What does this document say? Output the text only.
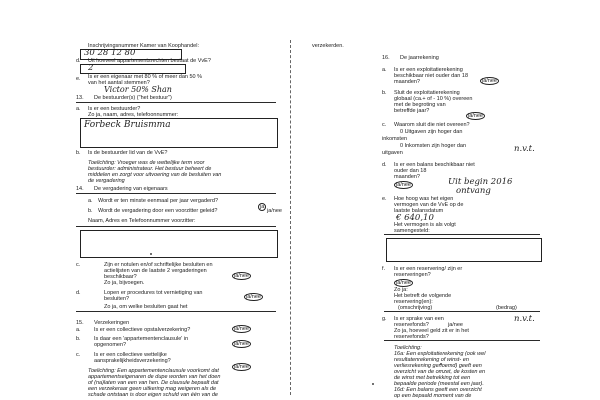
Inschrijvingsnummer Kamer van Koophandel:
30 28 12 80
d. Uit hoeveel appartementsrechten bestaat de VvE?
2
e. Is er een eigenaar met 80 % of meer dan 50 %
van het aantal stemmen?
Victor 50% Shan
13. De bestuurder(s) ("het bestuur")
a. Is er een bestuurder?
Zo ja, naam, adres, telefoonnummer:
Forbeck Bruismma
b. Is de bestuurder lid van de VvE?
Toelichting: Vroeger was de wettelijke term voor
bestuurder: administrateur. Het bestuur beheert de
middelen en zorgt voor uitvoering van de besluiten van
de vergadering
14. De vergadering van eigenaars
a. Wordt er ten minste eenmaal per jaar vergaderd?
ja
b. Wordt de vergadering door een voorzitter geleid?	ja/nee
Naam, Adres en Telefoonnummer voorzitter:
c.	Zijn er notulen en/of schriftelijke besluiten en
actielijsten van de laatste 2 vergaderingen
beschikbaar?	ja/nee
Zo ja, bijvoegen.
d.	Lopen er procedures tot vernietiging van
besluiten?	ja/nee
Zo ja, om welke besluiten gaat het
15. Verzekeringen
a. Is er een collectieve opstalverzekering?	ja/nee
b. Is daar een 'appartementenclausule' in
opgenomen?	ja/nee
c. Is er een collectieve wettelijke
aansprakelijkheidsverzekering?
ja/nee
Toelichting: Een appartementenclausule voorkomt dat
appartementseigenaren de dupe worden van het doen
of (na)laten van een van hen. De clausule bepaalt dat
een verzekeraar geen uitkering mag weigeren als de
schade ontstaan is door eigen schuld van één van de
verzekerden.
16. De jaarrekening
a. Is er een exploitatierekening
beschikbaar niet ouder dan 18
maanden?	ja/nee
b. Sluit de exploitatierekening
globaal (ca.+ of - 10 %) overeen
met de begroting van
betreffde jaar?
ja/nee
c. Waarom sluit die niet overeen?
0 Uitgaven zijn hoger dan
inkomsten
0 Inkomsten zijn hoger dan
uitgaven	n.v.t.
d. Is er een balans beschikbaar niet
ouder dan 18
maanden?
ja/nee	Uit begin 2016
ontvang
e. Hoe hoog was het eigen
vermogen van de VvE op de
laatste balansdatum
€ 640,10
Het vermogen is als volgt
samengesteld:
f. Is er een reservering/ zijn er
reserveringen?
ja/nee
Zo ja:
Het betreft de volgende
reservering(en):
(omschrijving)	(bedrag)
g. Is er sprake van een
reservefonds?	ja/nee
n.v.t.
Zo ja, hoeveel geld zit er in het
reservefonds?
Toelichting:
16a: Een exploitatierekening (ook wel
resultatenrekening of winst- en
verliesrekening genoemd) geeft een
overzicht van de omzet, de kosten en
de winst met betrekking tot een
bepaalde periode (meestal een jaar).
16d: Een balans geeft een overzicht
op een bepaald moment van de
